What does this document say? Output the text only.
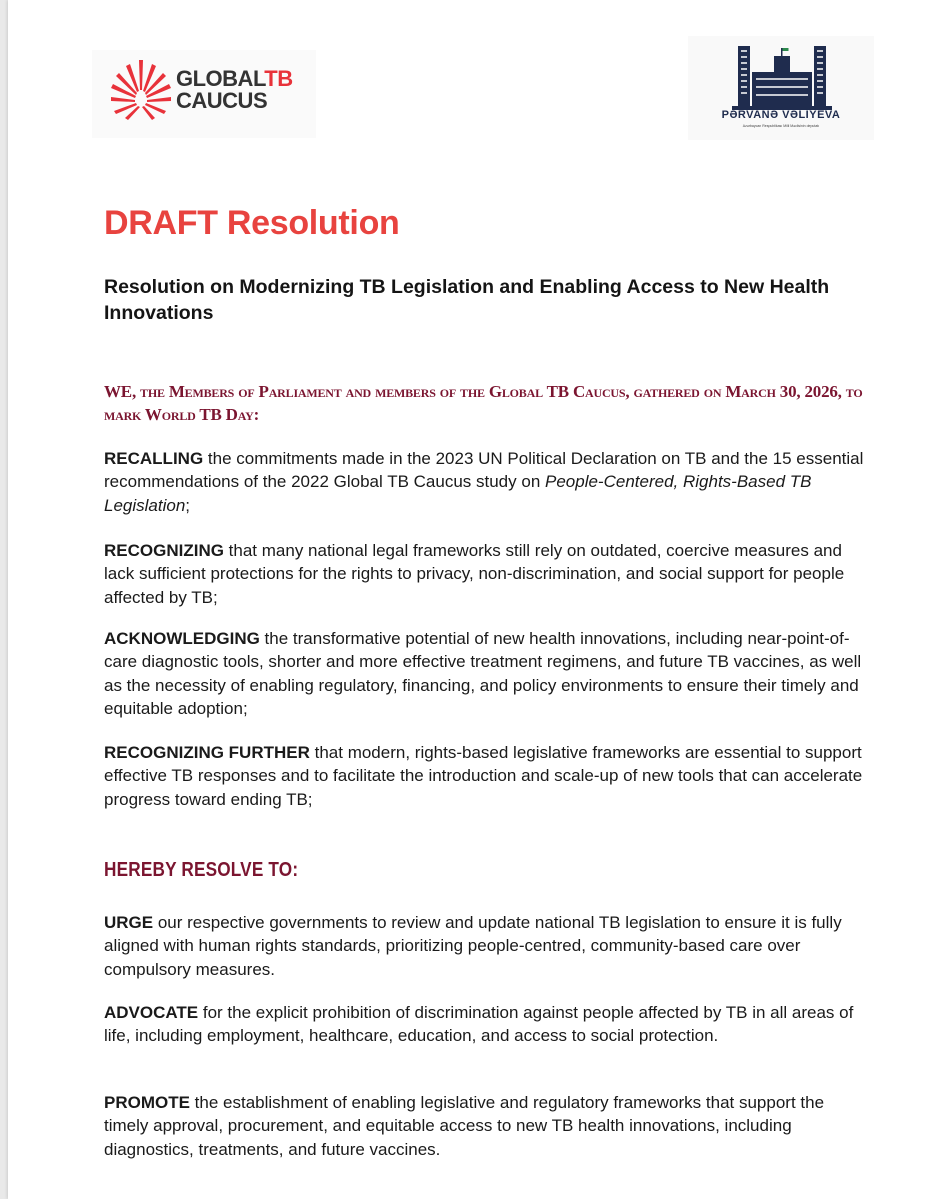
GLOBALTB
CAUCUS
PƏRVANƏ VƏLİYEVA
Azərbaycan Respublikası Milli Məclisinin deputatı
DRAFT Resolution
Resolution on Modernizing TB Legislation and Enabling Access to New Health Innovations
WE, the Members of Parliament and members of the Global TB Caucus, gathered on March 30, 2026, to mark World TB Day:
RECALLING the commitments made in the 2023 UN Political Declaration on TB and the 15 essential recommendations of the 2022 Global TB Caucus study on People-Centered, Rights-Based TB Legislation;
RECOGNIZING that many national legal frameworks still rely on outdated, coercive measures and lack sufficient protections for the rights to privacy, non-discrimination, and social support for people affected by TB;
ACKNOWLEDGING the transformative potential of new health innovations, including near-point-of-care diagnostic tools, shorter and more effective treatment regimens, and future TB vaccines, as well as the necessity of enabling regulatory, financing, and policy environments to ensure their timely and equitable adoption;
RECOGNIZING FURTHER that modern, rights-based legislative frameworks are essential to support effective TB responses and to facilitate the introduction and scale-up of new tools that can accelerate progress toward ending TB;
HEREBY RESOLVE TO:
URGE our respective governments to review and update national TB legislation to ensure it is fully aligned with human rights standards, prioritizing people-centred, community-based care over compulsory measures.
ADVOCATE for the explicit prohibition of discrimination against people affected by TB in all areas of life, including employment, healthcare, education, and access to social protection.
PROMOTE the establishment of enabling legislative and regulatory frameworks that support the timely approval, procurement, and equitable access to new TB health innovations, including diagnostics, treatments, and future vaccines.
